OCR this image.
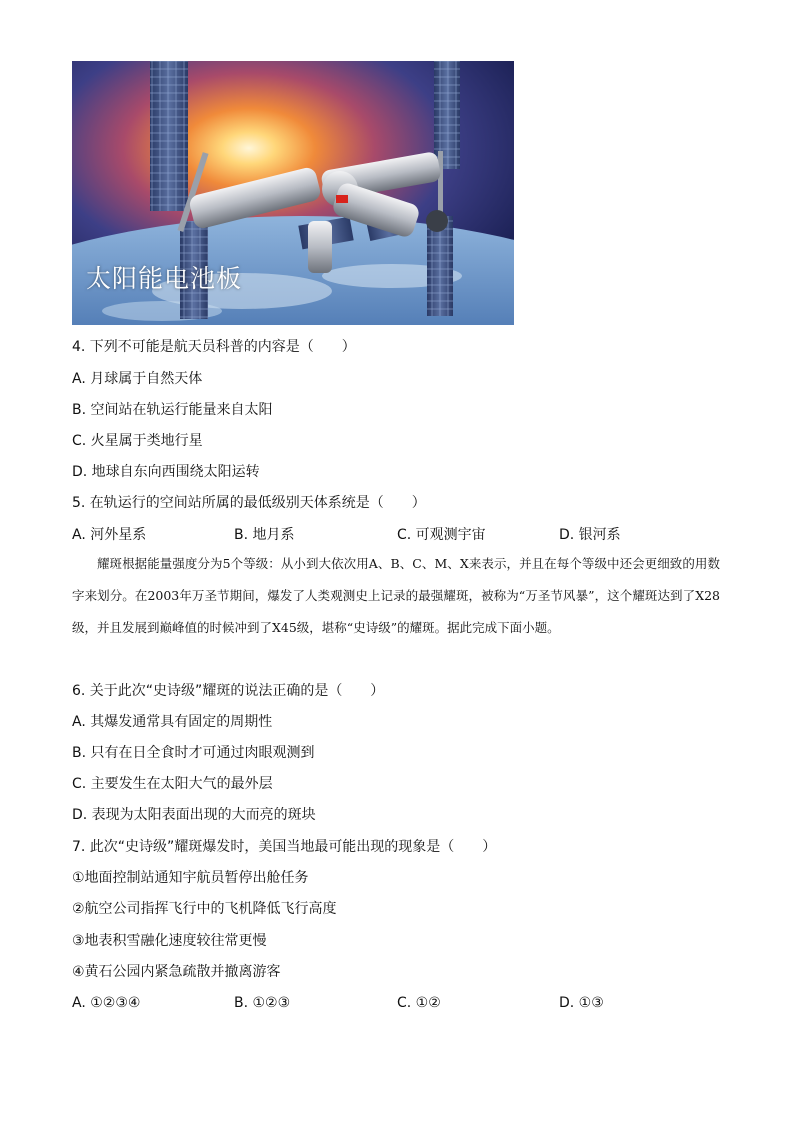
太阳能电池板
4. 下列不可能是航天员科普的内容是（　　）
A. 月球属于自然天体
B. 空间站在轨运行能量来自太阳
C. 火星属于类地行星
D. 地球自东向西围绕太阳运转
5. 在轨运行的空间站所属的最低级别天体系统是（　　）
A. 河外星系	B. 地月系	C. 可观测宇宙	D. 银河系

耀斑根据能量强度分为5个等级：从小到大依次用A、B、C、M、X来表示，并且在每个等级中还会更细致的用数字来划分。在2003年万圣节期间，爆发了人类观测史上记录的最强耀斑，被称为“万圣节风暴”，这个耀斑达到了X28级，并且发展到巅峰值的时候冲到了X45级，堪称“史诗级”的耀斑。据此完成下面小题。

6. 关于此次“史诗级”耀斑的说法正确的是（　　）
A. 其爆发通常具有固定的周期性
B. 只有在日全食时才可通过肉眼观测到
C. 主要发生在太阳大气的最外层
D. 表现为太阳表面出现的大而亮的斑块
7. 此次“史诗级”耀斑爆发时，美国当地最可能出现的现象是（　　）
①地面控制站通知宇航员暂停出舱任务
②航空公司指挥飞行中的飞机降低飞行高度
③地表积雪融化速度较往常更慢
④黄石公园内紧急疏散并撤离游客
A. ①②③④	B. ①②③	C. ①②	D. ①③
